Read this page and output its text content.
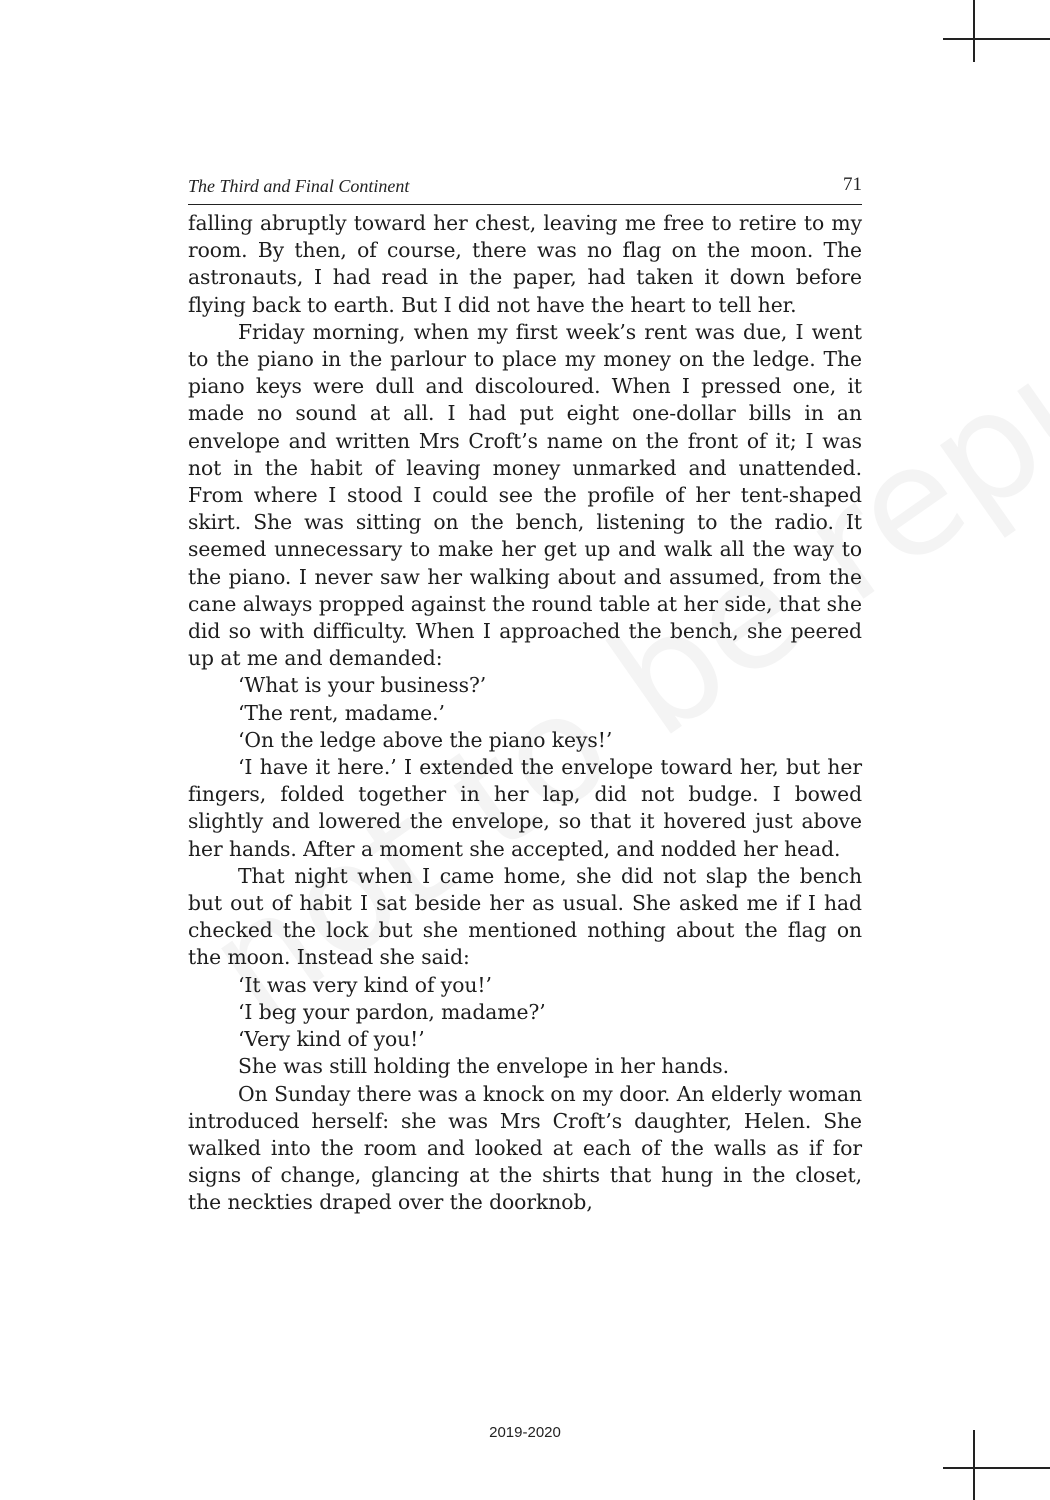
The Third and Final Continent	71

falling abruptly toward her chest, leaving me free to retire to my room. By then, of course, there was no flag on the moon. The astronauts, I had read in the paper, had taken it down before flying back to earth. But I did not have the heart to tell her.

Friday morning, when my first week’s rent was due, I went to the piano in the parlour to place my money on the ledge. The piano keys were dull and discoloured. When I pressed one, it made no sound at all. I had put eight one-dollar bills in an envelope and written Mrs Croft’s name on the front of it; I was not in the habit of leaving money unmarked and unattended. From where I stood I could see the profile of her tent-shaped skirt. She was sitting on the bench, listening to the radio. It seemed unnecessary to make her get up and walk all the way to the piano. I never saw her walking about and assumed, from the cane always propped against the round table at her side, that she did so with difficulty. When I approached the bench, she peered up at me and demanded:

‘What is your business?’

‘The rent, madame.’

‘On the ledge above the piano keys!’

‘I have it here.’ I extended the envelope toward her, but her fingers, folded together in her lap, did not budge. I bowed slightly and lowered the envelope, so that it hovered just above her hands. After a moment she accepted, and nodded her head.

That night when I came home, she did not slap the bench but out of habit I sat beside her as usual. She asked me if I had checked the lock but she mentioned nothing about the flag on the moon. Instead she said:

‘It was very kind of you!’

‘I beg your pardon, madame?’

‘Very kind of you!’

She was still holding the envelope in her hands.

On Sunday there was a knock on my door. An elderly woman introduced herself: she was Mrs Croft’s daughter, Helen. She walked into the room and looked at each of the walls as if for signs of change, glancing at the shirts that hung in the closet, the neckties draped over the doorknob,

2019-2020
